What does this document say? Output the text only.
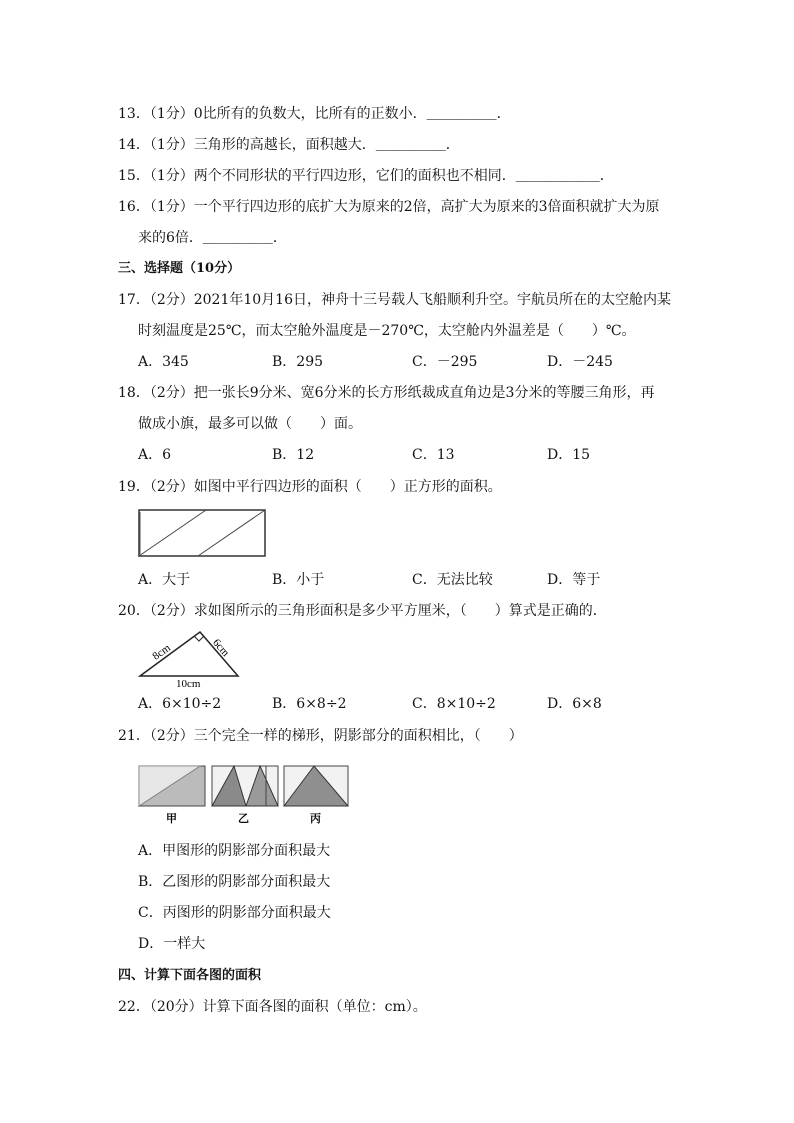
13．（1分）0比所有的负数大，比所有的正数小．＿＿＿＿＿．
14．（1分）三角形的高越长，面积越大．＿＿＿＿＿．
15．（1分）两个不同形状的平行四边形，它们的面积也不相同．＿＿＿＿＿＿．
16．（1分）一个平行四边形的底扩大为原来的2倍，高扩大为原来的3倍面积就扩大为原
来的6倍．＿＿＿＿＿．
三、选择题（10分）
17．（2分）2021年10月16日，神舟十三号载人飞船顺利升空。宇航员所在的太空舱内某
时刻温度是25℃，而太空舱外温度是－270℃，太空舱内外温差是（　　）℃。
A．345	B．295	C．－295	D．－245
18．（2分）把一张长9分米、宽6分米的长方形纸裁成直角边是3分米的等腰三角形，再
做成小旗，最多可以做（　　）面。
A．6	B．12	C．13	D．15
19．（2分）如图中平行四边形的面积（　　）正方形的面积。
A．大于	B．小于	C．无法比较	D．等于
20．（2分）求如图所示的三角形面积是多少平方厘米，（　　）算式是正确的．
8cm	6cm
10cm
A．6×10÷2	B．6×8÷2	C．8×10÷2	D．6×8
21．（2分）三个完全一样的梯形，阴影部分的面积相比，（　　）
甲	乙	丙
A．甲图形的阴影部分面积最大
B．乙图形的阴影部分面积最大
C．丙图形的阴影部分面积最大
D．一样大
四、计算下面各图的面积
22．（20分）计算下面各图的面积（单位：cm）。
